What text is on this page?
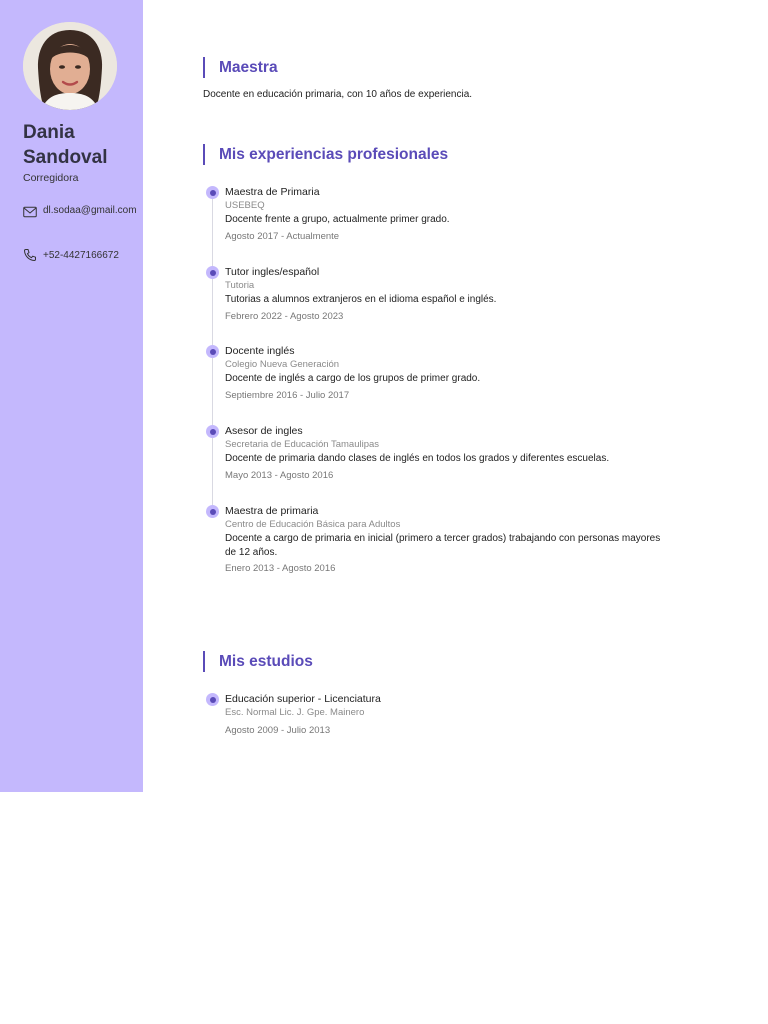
Dania
Sandoval
Corregidora
dl.sodaa@gmail.com
+52-4427166672
Maestra
Docente en educación primaria, con 10 años de experiencia.
Mis experiencias profesionales
Maestra de Primaria
USEBEQ
Docente frente a grupo, actualmente primer grado.
Agosto 2017 - Actualmente
Tutor ingles/español
Tutoria
Tutorias a alumnos extranjeros en el idioma español e inglés.
Febrero 2022 - Agosto 2023
Docente inglés
Colegio Nueva Generación
Docente de inglés a cargo de los grupos de primer grado.
Septiembre 2016 - Julio 2017
Asesor de ingles
Secretaria de Educación Tamaulipas
Docente de primaria dando clases de inglés en todos los grados y diferentes escuelas.
Mayo 2013 - Agosto 2016
Maestra de primaria
Centro de Educación Básica para Adultos
Docente a cargo de primaria en inicial (primero a tercer grados) trabajando con personas mayores de 12 años.
Enero 2013 - Agosto 2016
Mis estudios
Educación superior - Licenciatura
Esc. Normal Lic. J. Gpe. Mainero
Agosto 2009 - Julio 2013
